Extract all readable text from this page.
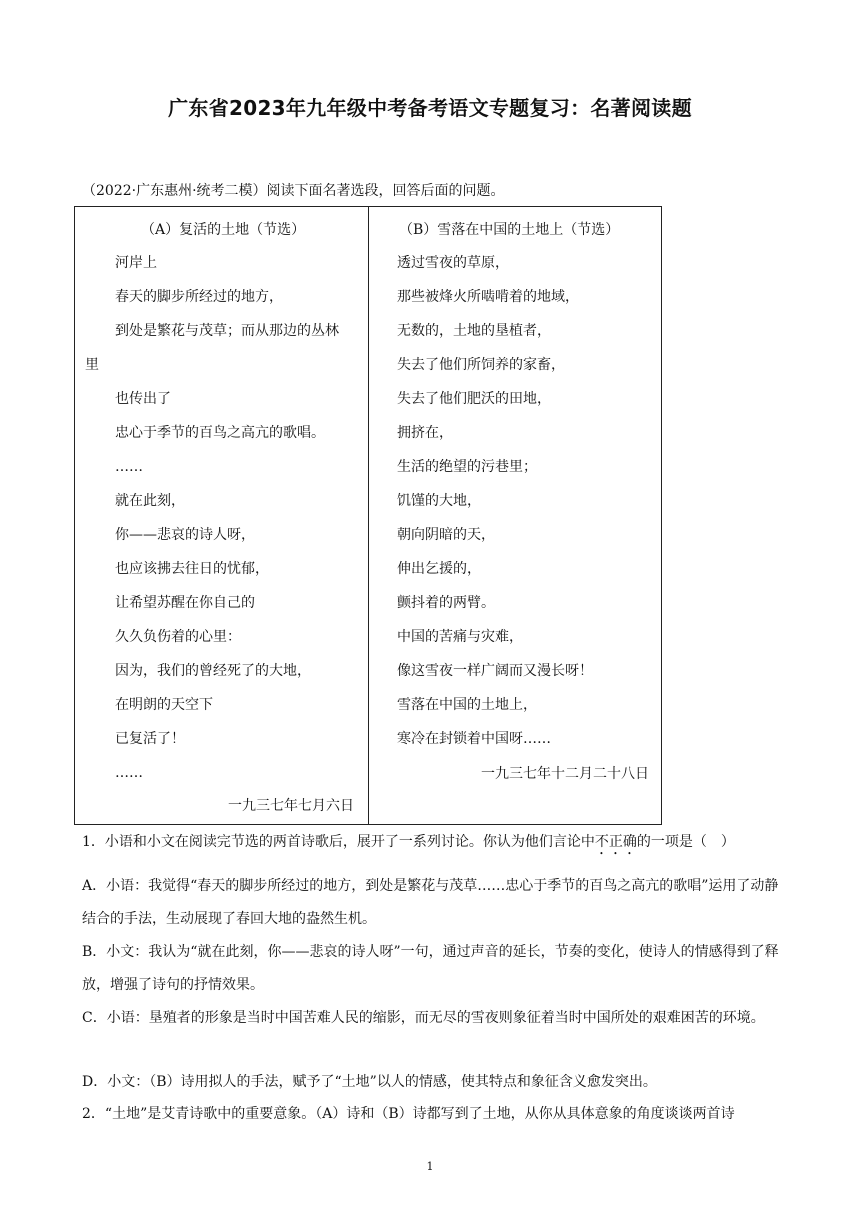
广东省2023年九年级中考备考语文专题复习：名著阅读题
（2022·广东惠州·统考二模）阅读下面名著选段，回答后面的问题。
（A）复活的土地（节选）
河岸上
春天的脚步所经过的地方，
到处是繁花与茂草；而从那边的丛林
里
也传出了
忠心于季节的百鸟之高亢的歌唱。
……
就在此刻，
你——悲哀的诗人呀，
也应该拂去往日的忧郁，
让希望苏醒在你自己的
久久负伤着的心里：
因为，我们的曾经死了的大地，
在明朗的天空下
已复活了！
……
一九三七年七月六日
（B）雪落在中国的土地上（节选）
透过雪夜的草原，
那些被烽火所啮啃着的地域，
无数的，土地的垦植者，
失去了他们所饲养的家畜，
失去了他们肥沃的田地，
拥挤在，
生活的绝望的污巷里；
饥馑的大地，
朝向阴暗的天，
伸出乞援的，
颤抖着的两臂。
中国的苦痛与灾难，
像这雪夜一样广阔而又漫长呀！
雪落在中国的土地上，
寒冷在封锁着中国呀……
一九三七年十二月二十八日
1．小语和小文在阅读完节选的两首诗歌后，展开了一系列讨论。你认为他们言论中不正确的一项是（　）
A．小语：我觉得“春天的脚步所经过的地方，到处是繁花与茂草……忠心于季节的百鸟之高亢的歌唱”运用了动静结合的手法，生动展现了春回大地的盎然生机。
B．小文：我认为“就在此刻，你——悲哀的诗人呀”一句，通过声音的延长，节奏的变化，使诗人的情感得到了释放，增强了诗句的抒情效果。
C．小语：垦殖者的形象是当时中国苦难人民的缩影，而无尽的雪夜则象征着当时中国所处的艰难困苦的环境。
D．小文：（B）诗用拟人的手法，赋予了“土地”以人的情感，使其特点和象征含义愈发突出。
2．“土地”是艾青诗歌中的重要意象。（A）诗和（B）诗都写到了土地，从你从具体意象的角度谈谈两首诗
1
